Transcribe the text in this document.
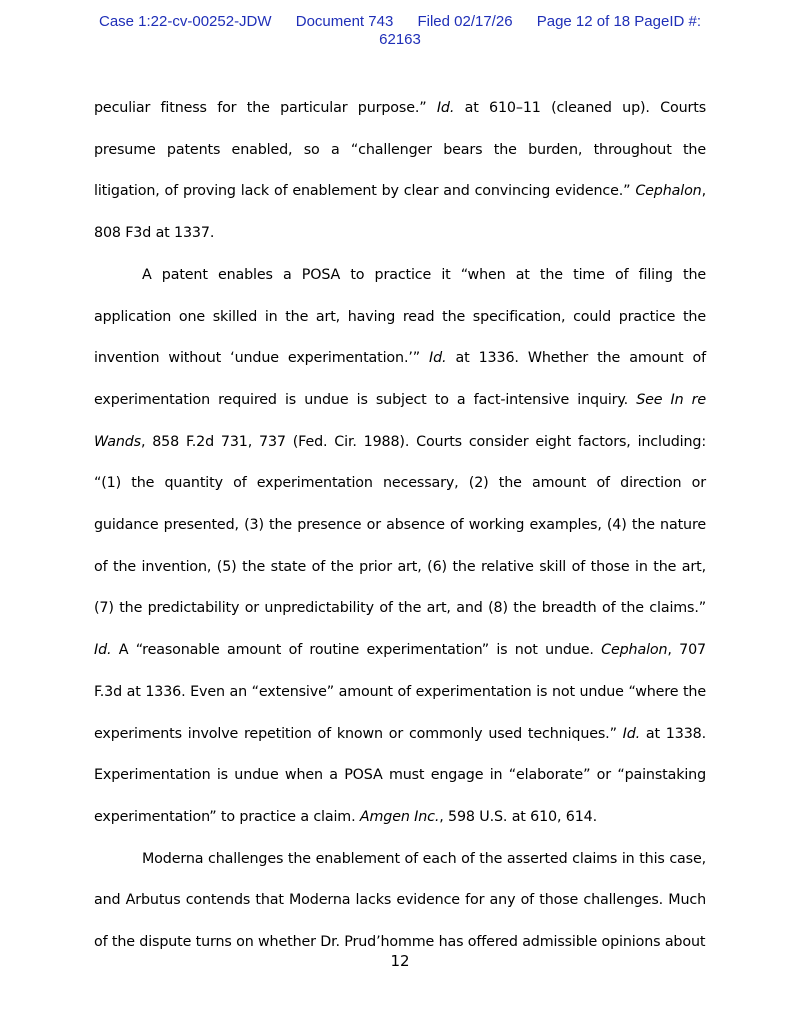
Case 1:22-cv-00252-JDW Document 743 Filed 02/17/26 Page 12 of 18 PageID #:
62163

peculiar fitness for the particular purpose.” Id. at 610–11 (cleaned up). Courts presume patents enabled, so a “challenger bears the burden, throughout the litigation, of proving lack of enablement by clear and convincing evidence.” Cephalon, 808 F3d at 1337.

A patent enables a POSA to practice it “when at the time of filing the application one skilled in the art, having read the specification, could practice the invention without ‘undue experimentation.’” Id. at 1336. Whether the amount of experimentation required is undue is subject to a fact-intensive inquiry. See In re Wands, 858 F.2d 731, 737 (Fed. Cir. 1988). Courts consider eight factors, including: “(1) the quantity of experimentation necessary, (2) the amount of direction or guidance presented, (3) the presence or absence of working examples, (4) the nature of the invention, (5) the state of the prior art, (6) the relative skill of those in the art, (7) the predictability or unpredictability of the art, and (8) the breadth of the claims.” Id. A “reasonable amount of routine experimentation” is not undue. Cephalon, 707 F.3d at 1336. Even an “extensive” amount of experimentation is not undue “where the experiments involve repetition of known or commonly used techniques.” Id. at 1338. Experimentation is undue when a POSA must engage in “elaborate” or “painstaking experimentation” to practice a claim. Amgen Inc., 598 U.S. at 610, 614.

Moderna challenges the enablement of each of the asserted claims in this case, and Arbutus contends that Moderna lacks evidence for any of those challenges. Much of the dispute turns on whether Dr. Prud’homme has offered admissible opinions about

12
